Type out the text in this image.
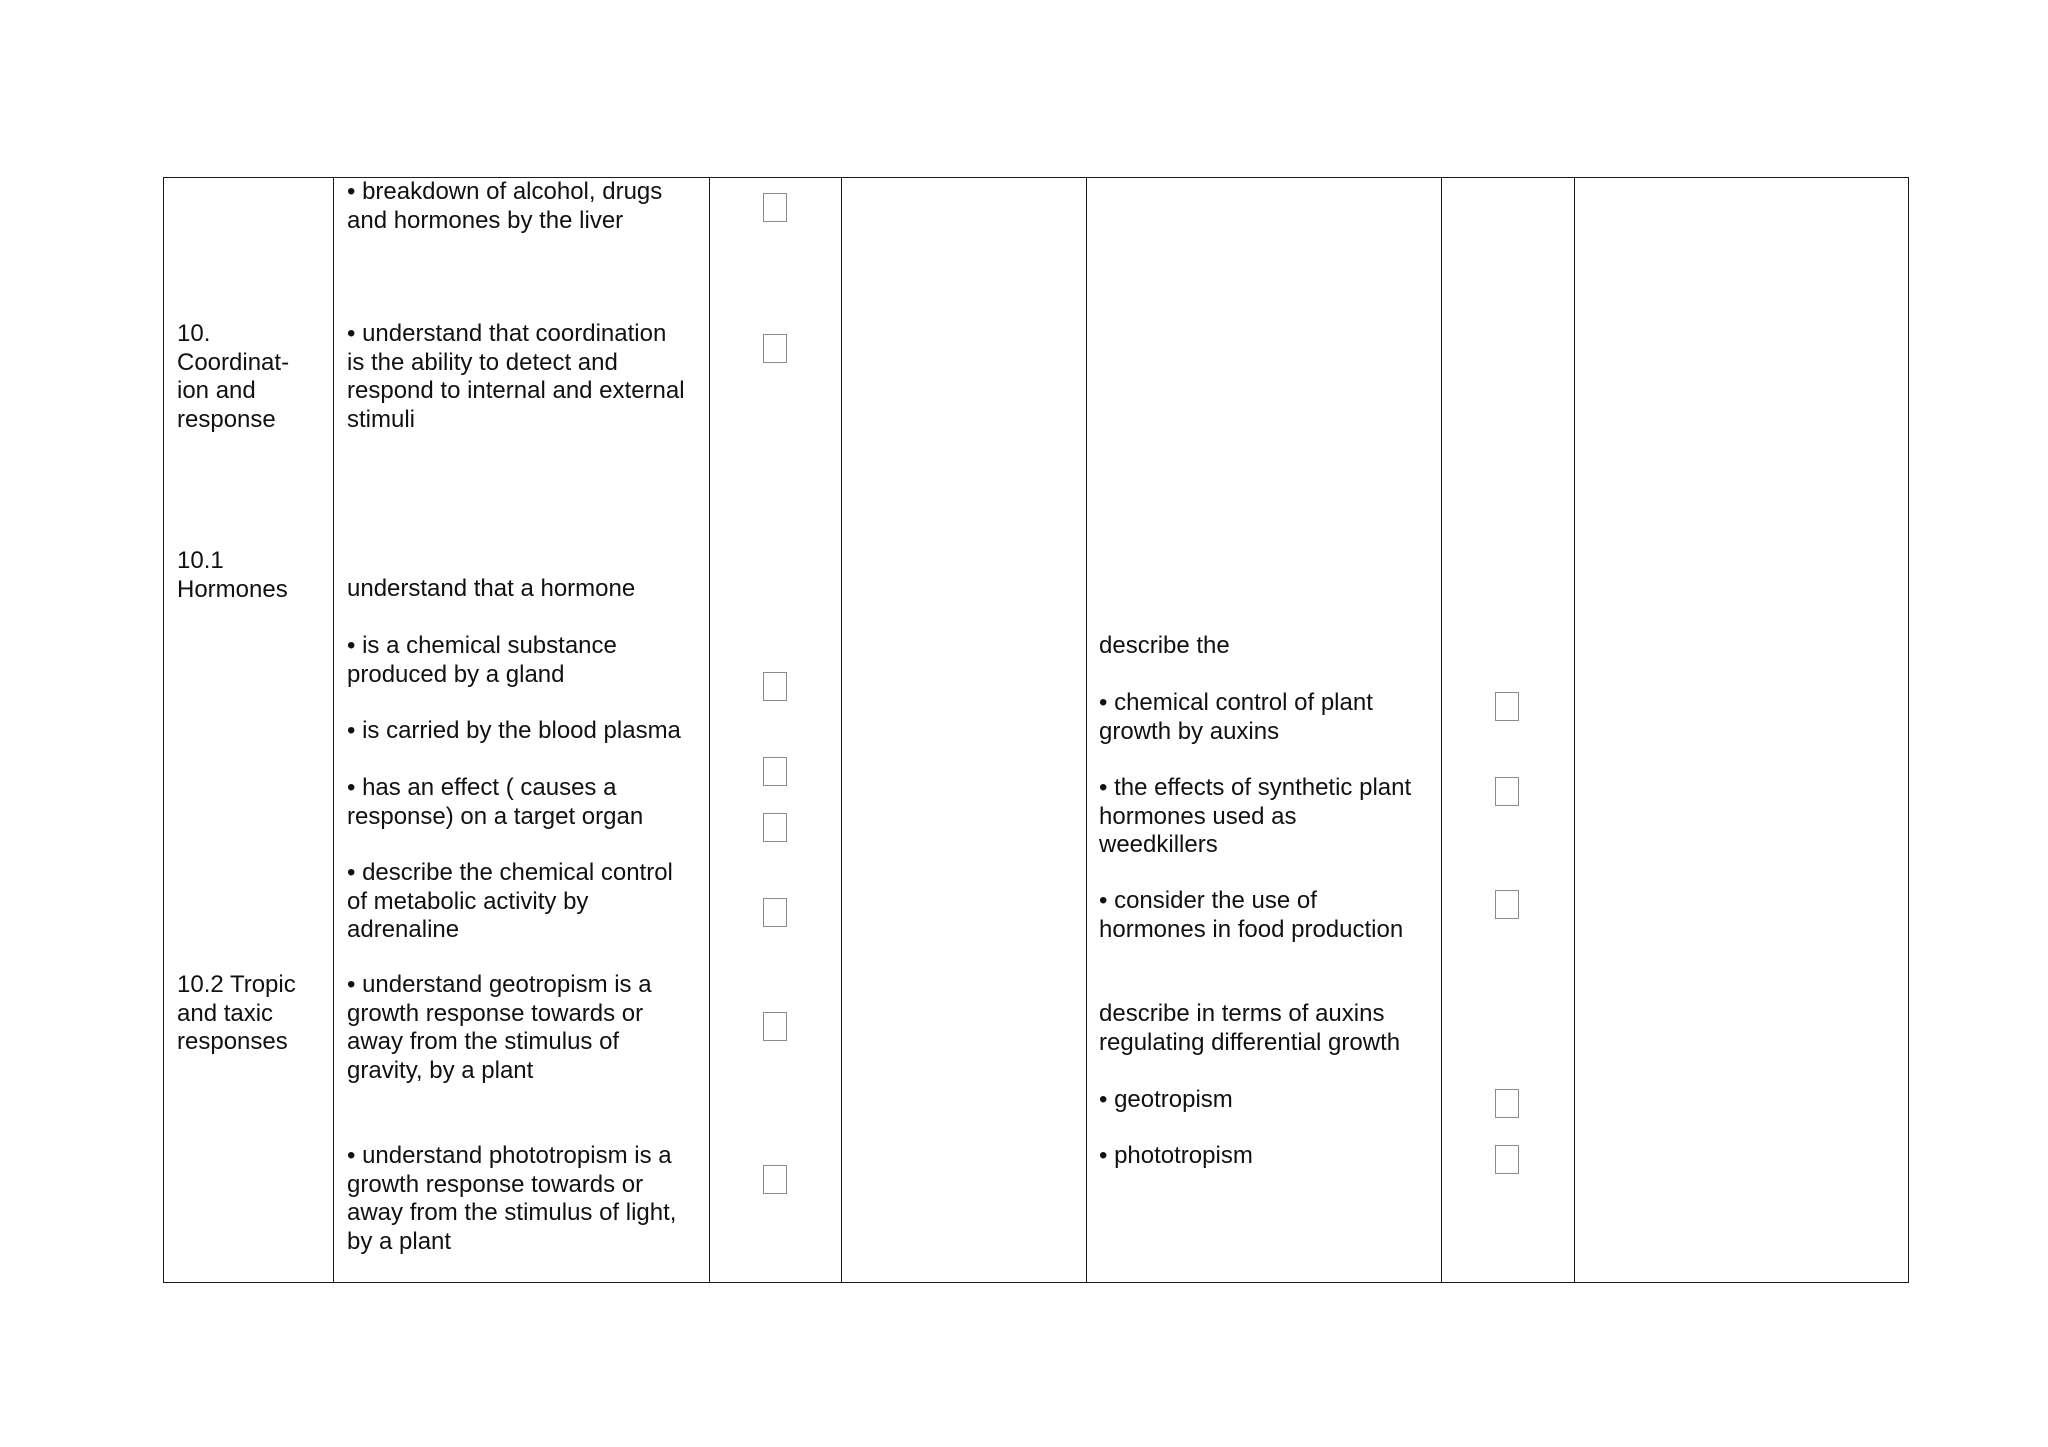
10.
Coordinat-
ion and
response
10.1
Hormones
10.2 Tropic
and taxic
responses
• breakdown of alcohol, drugs
and hormones by the liver
• understand that coordination
is the ability to detect and
respond to internal and external
stimuli
understand that a hormone
• is a chemical substance
produced by a gland
• is carried by the blood plasma
• has an effect ( causes a
response) on a target organ
• describe the chemical control
of metabolic activity by
adrenaline
• understand geotropism is a
growth response towards or
away from the stimulus of
gravity, by a plant
• understand phototropism is a
growth response towards or
away from the stimulus of light,
by a plant
describe the
• chemical control of plant
growth by auxins
• the effects of synthetic plant
hormones used as
weedkillers
• consider the use of
hormones in food production
describe in terms of auxins
regulating differential growth
• geotropism
• phototropism
